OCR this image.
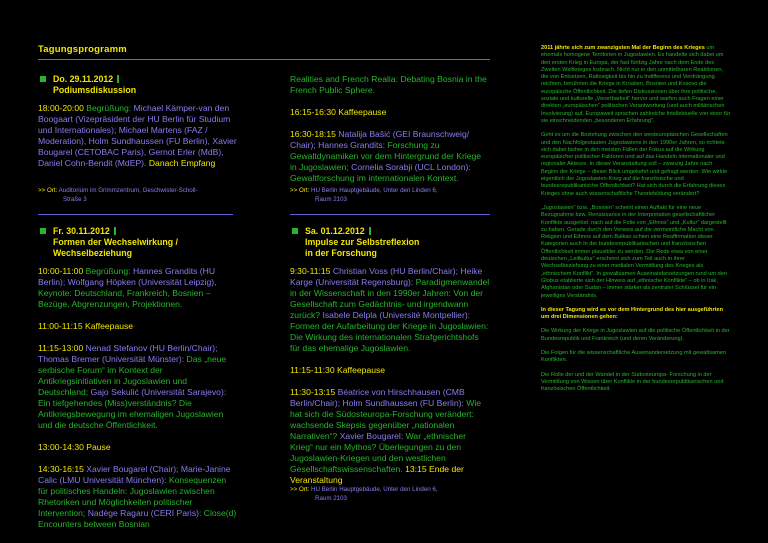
Tagungsprogramm
Do. 29.11.2012
Podiumsdiskussion

18:00-20:00 Begrüßung: Michael Kämper-van den Boogaart (Vizepräsident der HU Berlin für Studium und Internationales); Michael Martens (FAZ / Moderation), Holm Sundhaussen (FU Berlin), Xavier Bougarel (CETOBAC Paris), Gernot Erler (MdB), Daniel Cohn-Bendit (MdEP). Danach Empfang

>> Ort: Auditorium im Grimmzentrum, Geschwister-Scholl-
Straße 3
Fr. 30.11.2012
Formen der Wechselwirkung /
Wechselbeziehung

10:00-11:00 Begrüßung: Hannes Grandits (HU Berlin); Wolfgang Höpken (Universität Leipzig), Keynote: Deutschland, Frankreich, Bosnien – Bezüge, Abgrenzungen, Projektionen.

11:00-11:15 Kaffeepause

11:15-13:00 Nenad Stefanov (HU Berlin/Chair); Thomas Bremer (Universität Münster): Das „neue serbische Forum“ im Kontext der Antikriegsinitiativen in Jugoslawien und Deutschland; Gajo Sekulić (Universität Sarajevo): Ein tiefgehendes (Miss)verständnis? Die Antikriegsbewegung im ehemaligen Jugoslawien und die deutsche Öffentlichkeit.

13:00-14:30 Pause

14:30-16:15 Xavier Bougarel (Chair); Marie-Janine Calic (LMU Universität München): Konsequenzen für politisches Handeln: Jugoslawien zwischen Rhetoriken und Möglichkeiten politischer Intervention; Nadège Ragaru (CERI Paris): Close(d) Encounters between Bosnian

Realities and French Realia: Debating Bosnia in the French Public Sphere.

16:15-16:30 Kaffeepause

16:30-18:15 Natalija Bašić (GEI Braunschweig/ Chair); Hannes Grandits: Forschung zu Gewaltdynamiken vor dem Hintergrund der Kriege in Jugoslawien; Cornelia Sorabji (UCL London): Gewaltforschung im internationalen Kontext.

>> Ort: HU Berlin Hauptgebäude, Unter den Linden 6,
Raum 2103
Sa. 01.12.2012
Impulse zur Selbstreflexion
in der Forschung

9:30-11:15 Christian Voss (HU Berlin/Chair); Heike Karge (Universität Regensburg): Paradigmenwandel in der Wissenschaft in den 1990er Jahren: Von der Gesellschaft zum Gedächtnis- und irgendwann zurück? Isabele Delpla (Université Montpellier): Formen der Aufarbeitung der Kriege in Jugoslawien: Die Wirkung des internationalen Strafgerichtshofs für das ehemalige Jugoslawien.

11:15-11:30 Kaffeepause

11:30-13:15 Béatrice von Hirschhausen (CMB Berlin/Chair); Holm Sundhaussen (FU Berlin): Wie hat sich die Südosteuropa-Forschung verändert: wachsende Skepsis gegenüber „nationalen Narrativen“? Xavier Bougarel: War „ethnischer Krieg“ nur ein Mythos? Überlegungen zu den Jugoslawien-Kriegen und den westlichen Gesellschaftswissenschaften. 13:15 Ende der Veranstaltung

>> Ort: HU Berlin Hauptgebäude, Unter den Linden 6,
Raum 2103

2011 jährte sich zum zwanzigsten Mal der Beginn des Krieges um ehemals homogene Territorien in Jugoslawien. Es handelte sich dabei um den ersten Krieg in Europa, der fast fünfzig Jahre nach dem Ende des Zweiten Weltkrieges losbrach. Nicht nur in den unmittelbaren Reaktionen, die von Entsetzen, Ratlosigkeit bis hin zu Indifferenz und Verdrängung reichten, berührten die Kriege in Kroatien, Bosnien und Kosovo die europäische Öffentlichkeit. Die tiefen Diskussionen über ihre politische, soziale und kulturelle „Verortbarkeit“ hervor und warfen auch Fragen einer direkten „europäischen“ politischen Verantwortung (und auch militärischen Involvierung) auf. Europaweit sprachen zahlreiche Intellektuelle von einer für sie einschneidenden „besonderen Erfahrung“.

Geht es um die Beziehung zwischen den westeuropäischen Gesellschaften und den Nachfolgestaaten Jugoslawiens in den 1990er Jahren, so richtete sich dabei bisher in den meisten Fällen der Fokus auf die Wirkung europäischer politischer Faktoren und auf das Handeln internationaler und regionaler Akteure. In dieser Veranstaltung soll – zwanzig Jahre nach Beginn der Kriege – dieser Blick umgekehrt und gefragt werden: Wie wirkte eigentlich der Jugoslawien-Krieg auf die französische und bundesrepublikanische Öffentlichkeit? Hat sich durch die Erfahrung dieses Krieges ohne auch wissenschaftliche Theoriebildung verändert?

„Jugoslawien“ bzw. „Bosnien“ scheint einen Auftakt für eine neue Bezugnahme bzw. Renaissance in der Interpretation gesellschaftlicher Konflikte ausgelöst: nach auf die Folie von „Ethnos“ und „Kultur“ dargestellt zu haben. Gerade durch den Verweis auf die vermeintliche Macht von Religion und Ethnos auf dem Balkan schien eine Reaffirmation dieser Kategorien auch in der bundesrepublikanischen und französischen Öffentlichkeit immer plausibler zu werden. Die Rede etwa von einer deutschen „Leitkultur“ erscheint sich zum Teil auch in ihrer Wechselbeziehung zu einer medialen Vermittlung des Krieges als „ethnischem Konflikt“. In gewaltsamen Auseinandersetzungen rund um den Globus etablierte sich der Hinweis auf „ethnische Konflikte“ – ob in Irak, Afghanistan oder Sudan – immer stärker als zentraler Schlüssel für ein jeweiliges Verständnis.

In dieser Tagung wird es vor dem Hintergrund des hier ausgeführten um drei Dimensionen gehen:

Die Wirkung der Kriege in Jugoslawien auf die politische Öffentlichkeit in der Bundesrepublik und Frankreich (und deren Veränderung).

Die Folgen für die wissenschaftliche Auseinandersetzung mit gewaltsamen Konflikten.

Die Rolle der und der Wandel in der Südosteuropa- Forschung in der Vermittlung von Wissen über Konflikte in der bundesrepublikanischen und französischen Öffentlichkeit.
